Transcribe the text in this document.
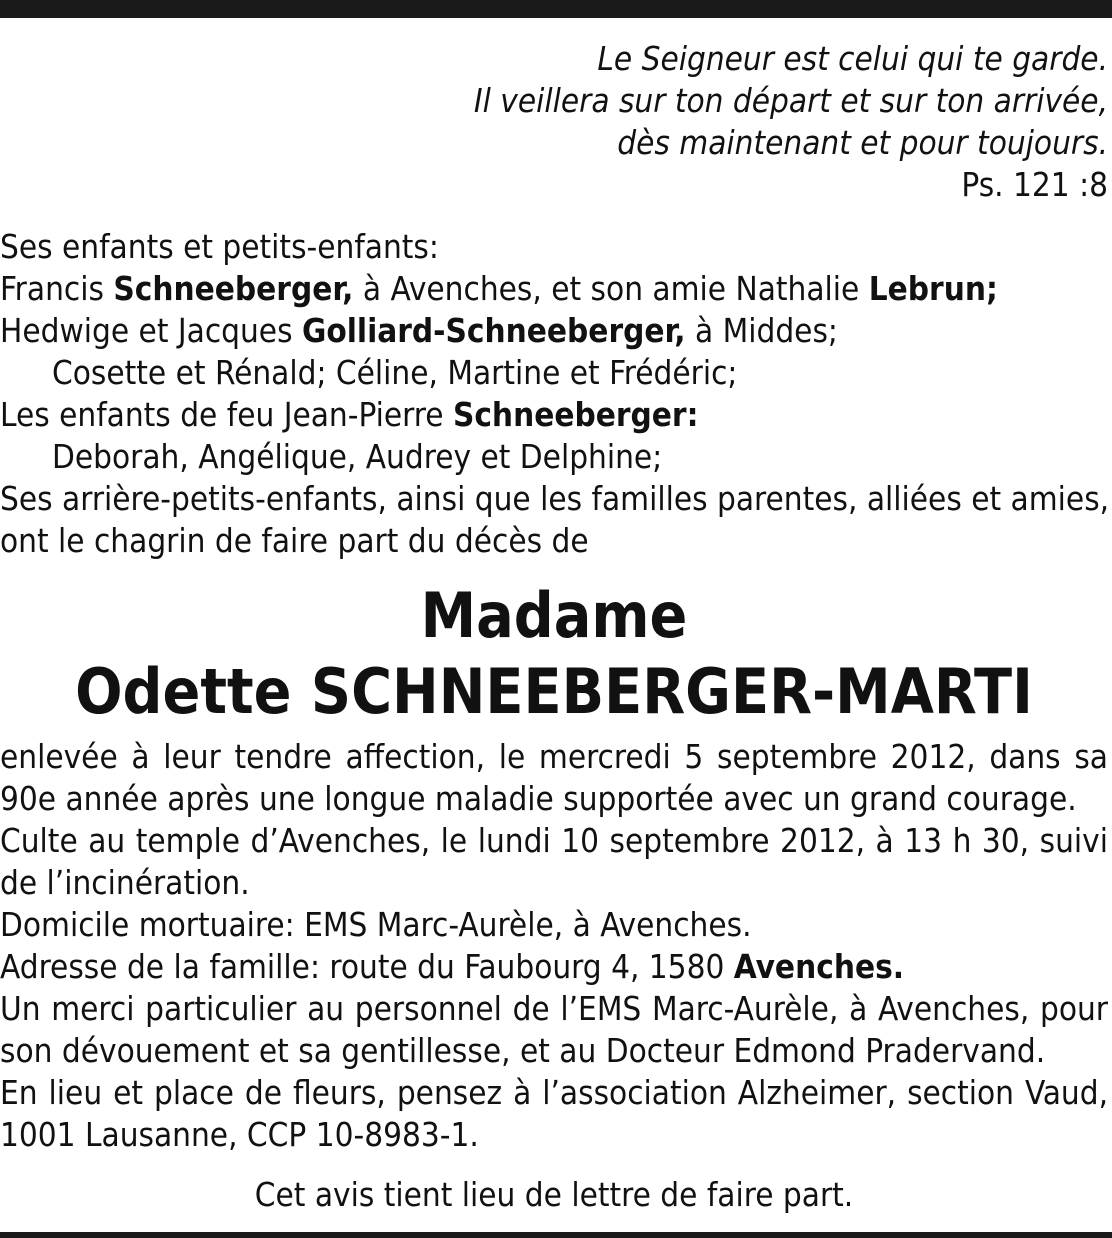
Le Seigneur est celui qui te garde.
Il veillera sur ton départ et sur ton arrivée,
dès maintenant et pour toujours.
Ps. 121 :8
Ses enfants et petits-enfants:
Francis Schneeberger, à Avenches, et son amie Nathalie Lebrun;
Hedwige et Jacques Golliard-Schneeberger, à Middes;
Cosette et Rénald; Céline, Martine et Frédéric;
Les enfants de feu Jean-Pierre Schneeberger:
Deborah, Angélique, Audrey et Delphine;
Ses arrière-petits-enfants, ainsi que les familles parentes, alliées et amies,
ont le chagrin de faire part du décès de
Madame
Odette SCHNEEBERGER-MARTI

enlevée à leur tendre affection, le mercredi 5 septembre 2012, dans sa 90e année après une longue maladie supportée avec un grand courage.

Culte au temple d’Avenches, le lundi 10 septembre 2012, à 13 h 30, suivi de l’incinération.

Domicile mortuaire: EMS Marc-Aurèle, à Avenches.

Adresse de la famille: route du Faubourg 4, 1580 Avenches.

Un merci particulier au personnel de l’EMS Marc-Aurèle, à Avenches, pour son dévouement et sa gentillesse, et au Docteur Edmond Pradervand.

En lieu et place de fleurs, pensez à l’association Alzheimer, section Vaud, 1001 Lausanne, CCP 10-8983-1.

Cet avis tient lieu de lettre de faire part.
